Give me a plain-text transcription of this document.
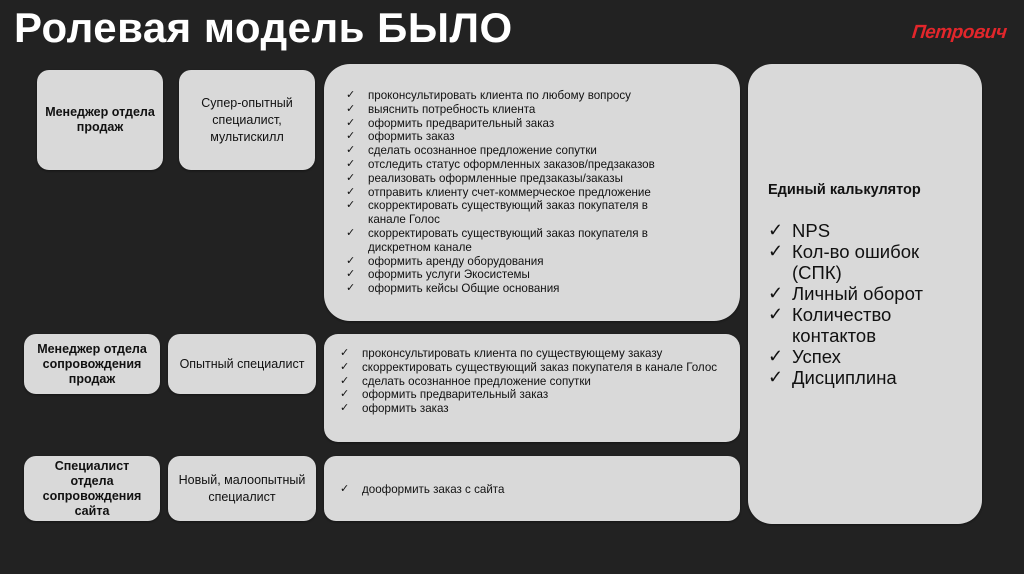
Ролевая модель БЫЛО	Петрович
Менеджер отдела продаж
Супер-опытный специалист, мультискилл
✓ проконсультировать клиента по любому вопросу
✓ выяснить потребность клиента
✓ оформить предварительный заказ
✓ оформить заказ
✓ сделать осознанное предложение сопутки
✓ отследить статус оформленных заказов/предзаказов
✓ реализовать оформленные предзаказы/заказы
✓ отправить клиенту счет-коммерческое предложение
✓ скорректировать существующий заказ покупателя в канале Голос
✓ скорректировать существующий заказ покупателя в дискретном канале
✓ оформить аренду оборудования
✓ оформить услуги Экосистемы
✓ оформить кейсы Общие основания
Менеджер отдела сопровождения продаж
Опытный специалист
✓ проконсультировать клиента по существующему заказу
✓ скорректировать существующий заказ покупателя в канале Голос
✓ сделать осознанное предложение сопутки
✓ оформить предварительный заказ
✓ оформить заказ
Специалист отдела сопровождения сайта
Новый, малоопытный специалист
✓	дооформить заказ с сайта
Единый калькулятор
✓ NPS
✓ Кол-во ошибок (СПК)
✓ Личный оборот
✓ Количество контактов
✓ Успех
✓ Дисциплина
